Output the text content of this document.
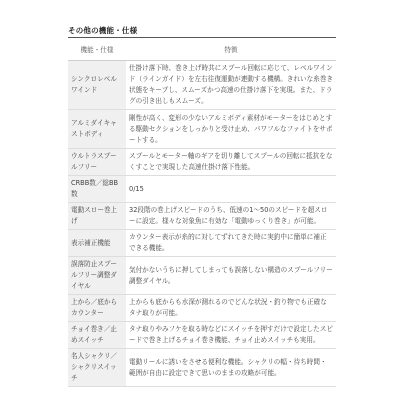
その他の機能・仕様
機能・仕様	特徴
シンクロレベルワインド	仕掛け落下時、巻き上げ時共にスプール回転に応じて、レベルワインド（ラインガイド）を左右往復運動が連動する機構。きれいな糸巻き状態をキープし、スムーズかつ高速の仕掛け落下を実現。また、ドラグの引き出しもスムーズ。
アルミダイキャストボディ	剛性が高く、変形の少ないアルミボディ素材がモーターをはじめとする駆動セクションをしっかりと受け止め、パワフルなファイトをサポートする。
ウルトラスプールフリー	スプールとモーター軸のギアを切り離してスプールの回転に抵抗をなくすことで実現した高速仕掛け落下性能。
CRBB数／総BB数	0/15
電動スロー巻上げ	32段階の巻上げスピードのうち、低速の1〜50のスピードを超スローに設定。様々な対象魚に有効な「電動ゆっくり巻き」が可能。
表示補正機能	カウンター表示が糸的に対してずれてきた時に実釣中に簡単に補正できる機能。
誤落防止スプールフリー調整ダイヤル	気付かないうちに押してしまっても誤落しない構造のスプールフリー調整ダイヤル。
上から／底からカウンター	上からも底からも水深が測れるのでどんな状況・釣り物でも正確なタナ取りが可能。
チョイ巻き／止めスイッチ	タナ取りやみフケを取る時などにスイッチを押すだけで設定したスピードで巻き上げるチョイ巻き機能、チョイ止めスイッチも実用。
名人シャクリ／
シャクリスイッチ	電動リールに誘いをさせる便利な機能。シャクリの幅・待ち時間・範囲が自由に設定できて思いのままの攻略が可能。
